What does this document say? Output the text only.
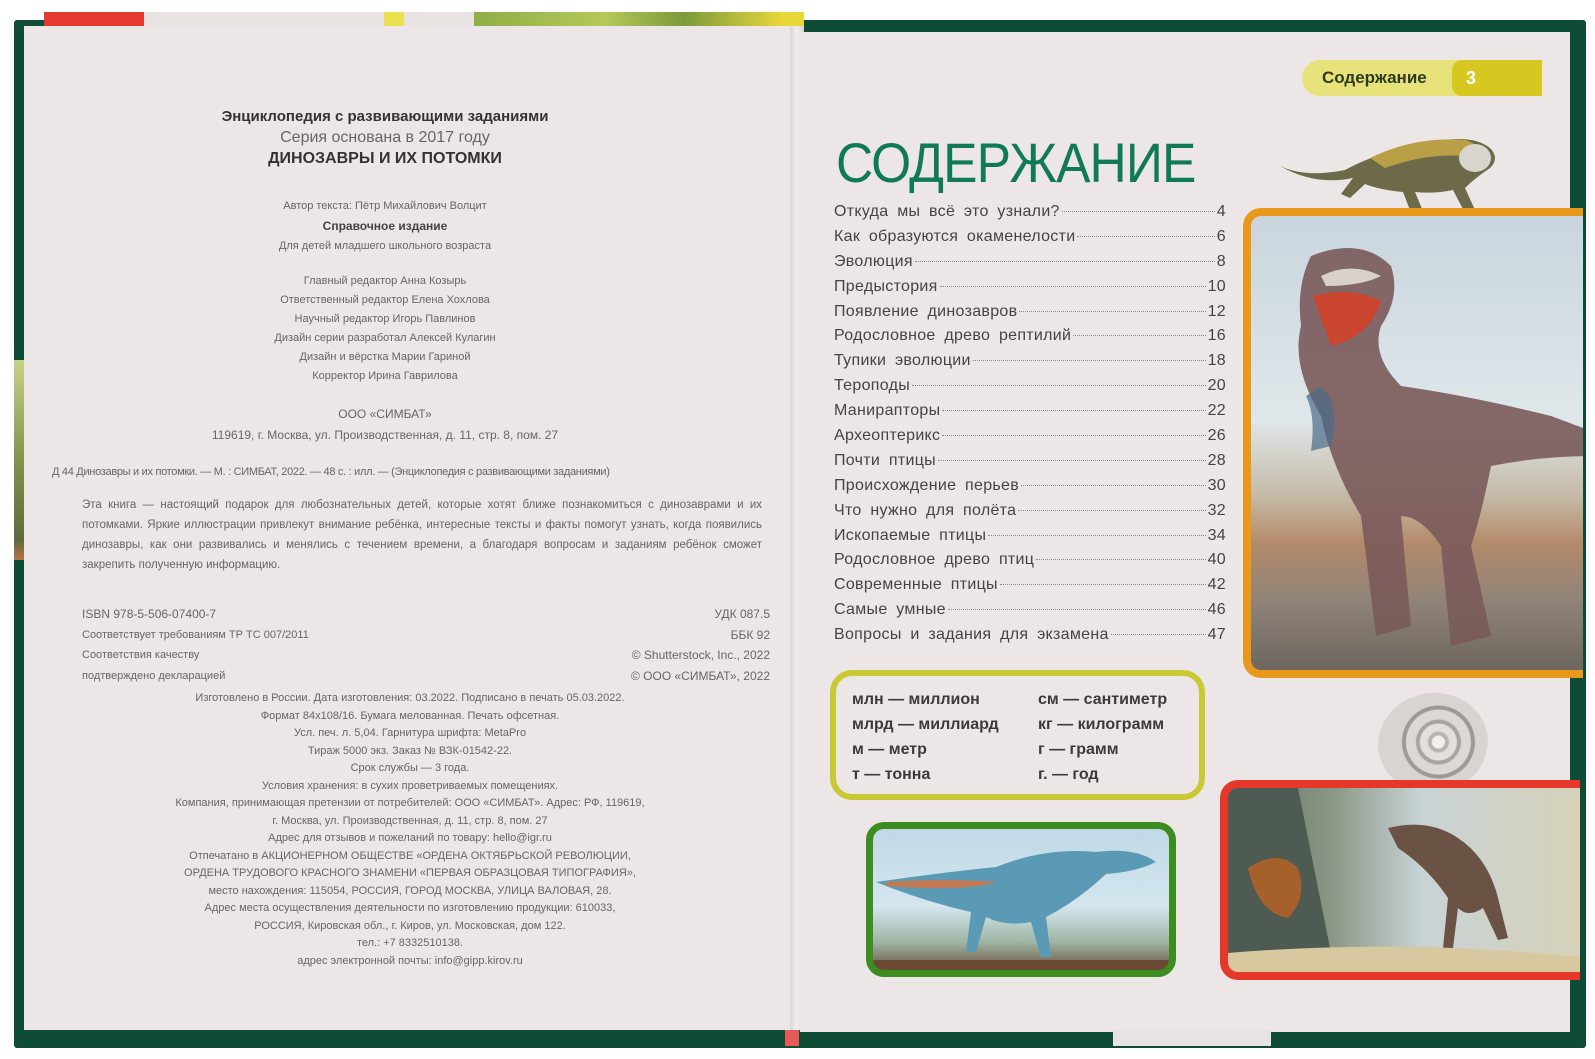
Энциклопедия с развивающими заданиями
Серия основана в 2017 году
ДИНОЗАВРЫ И ИХ ПОТОМКИ
Автор текста: Пётр Михайлович Волцит
Справочное издание
Для детей младшего школьного возраста
Главный редактор Анна Козырь
Ответственный редактор Елена Хохлова
Научный редактор Игорь Павлинов
Дизайн серии разработал Алексей Кулагин
Дизайн и вёрстка Марии Гариной
Корректор Ирина Гаврилова
ООО «СИМБАТ»
119619, г. Москва, ул. Производственная, д. 11, стр. 8, пом. 27
Д 44 Динозавры и их потомки. — М. : СИМБАТ, 2022. — 48 с. : илл. — (Энциклопедия с развивающими заданиями)
Эта книга — настоящий подарок для любознательных детей, которые хотят ближе познакомиться с динозаврами и их потомками. Яркие иллюстрации привлекут внимание ребёнка, интересные тексты и факты помогут узнать, когда появились динозавры, как они развивались и менялись с течением времени, а благодаря вопросам и заданиям ребёнок сможет закрепить полученную информацию.
ISBN 978-5-506-07400-7
Соответствует требованиям ТР ТС 007/2011
Соответствия качеству
подтверждено декларацией
УДК 087.5
ББК 92
© Shutterstock, Inc., 2022
© ООО «СИМБАТ», 2022
Изготовлено в России. Дата изготовления: 03.2022. Подписано в печать 05.03.2022.
Формат 84х108/16. Бумага мелованная. Печать офсетная.
Усл. печ. л. 5,04. Гарнитура шрифта: MetaPro
Тираж 5000 экз. Заказ № ВЗК-01542-22.
Срок службы — 3 года.
Условия хранения: в сухих проветриваемых помещениях.
Компания, принимающая претензии от потребителей: ООО «СИМБАТ». Адрес: РФ, 119619,
г. Москва, ул. Производственная, д. 11, стр. 8, пом. 27
Адрес для отзывов и пожеланий по товару: hello@igr.ru
Отпечатано в АКЦИОНЕРНОМ ОБЩЕСТВЕ «ОРДЕНА ОКТЯБРЬСКОЙ РЕВОЛЮЦИИ,
ОРДЕНА ТРУДОВОГО КРАСНОГО ЗНАМЕНИ «ПЕРВАЯ ОБРАЗЦОВАЯ ТИПОГРАФИЯ»,
место нахождения: 115054, РОССИЯ, ГОРОД МОСКВА, УЛИЦА ВАЛОВАЯ, 28.
Адрес места осуществления деятельности по изготовлению продукции: 610033,
РОССИЯ, Кировская обл., г. Киров, ул. Московская, дом 122.
тел.: +7 8332510138.
адрес электронной почты: info@gipp.kirov.ru
Содержание	3
СОДЕРЖАНИЕ
Откуда мы всё это узнали?	4
Как образуются окаменелости	6
Эволюция	8
Предыстория	10
Появление динозавров	12
Родословное древо рептилий	16
Тупики эволюции	18
Тероподы	20
Манирапторы	22
Археоптерикс	26
Почти птицы	28
Происхождение перьев	30
Что нужно для полёта	32
Ископаемые птицы	34
Родословное древо птиц	40
Современные птицы	42
Самые умные	46
Вопросы и задания для экзамена	47
млн — миллион	см — сантиметр
млрд — миллиард	кг — килограмм
м — метр	г — грамм
т — тонна	г. — год
